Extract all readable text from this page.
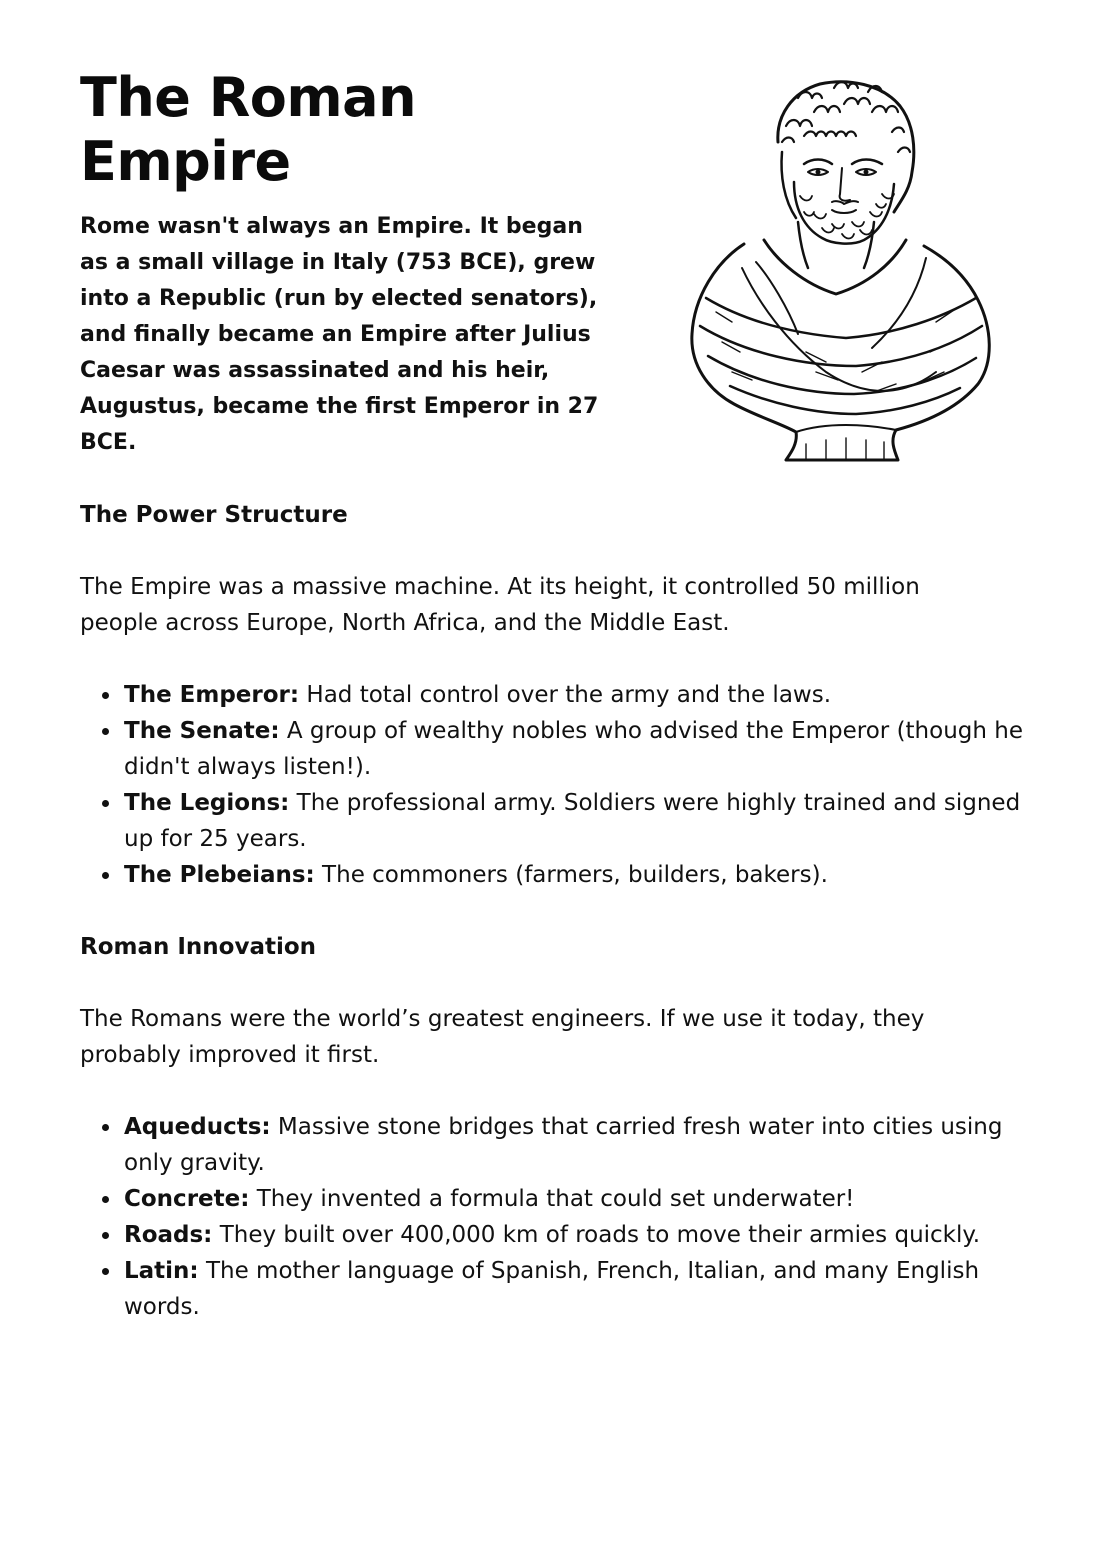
The Roman Empire

Rome wasn't always an Empire. It began as a small village in Italy (753 BCE), grew into a Republic (run by elected senators), and finally became an Empire after Julius Caesar was assassinated and his heir, Augustus, became the first Emperor in 27 BCE.

The Power Structure

The Empire was a massive machine. At its height, it controlled 50 million people across Europe, North Africa, and the Middle East.

The Emperor: Had total control over the army and the laws.
The Senate: A group of wealthy nobles who advised the Emperor (though he didn't always listen!).
The Legions: The professional army. Soldiers were highly trained and signed up for 25 years.
The Plebeians: The commoners (farmers, builders, bakers).
Roman Innovation

The Romans were the world’s greatest engineers. If we use it today, they probably improved it first.

Aqueducts: Massive stone bridges that carried fresh water into cities using only gravity.
Concrete: They invented a formula that could set underwater!
Roads: They built over 400,000 km of roads to move their armies quickly.
Latin: The mother language of Spanish, French, Italian, and many English words.
